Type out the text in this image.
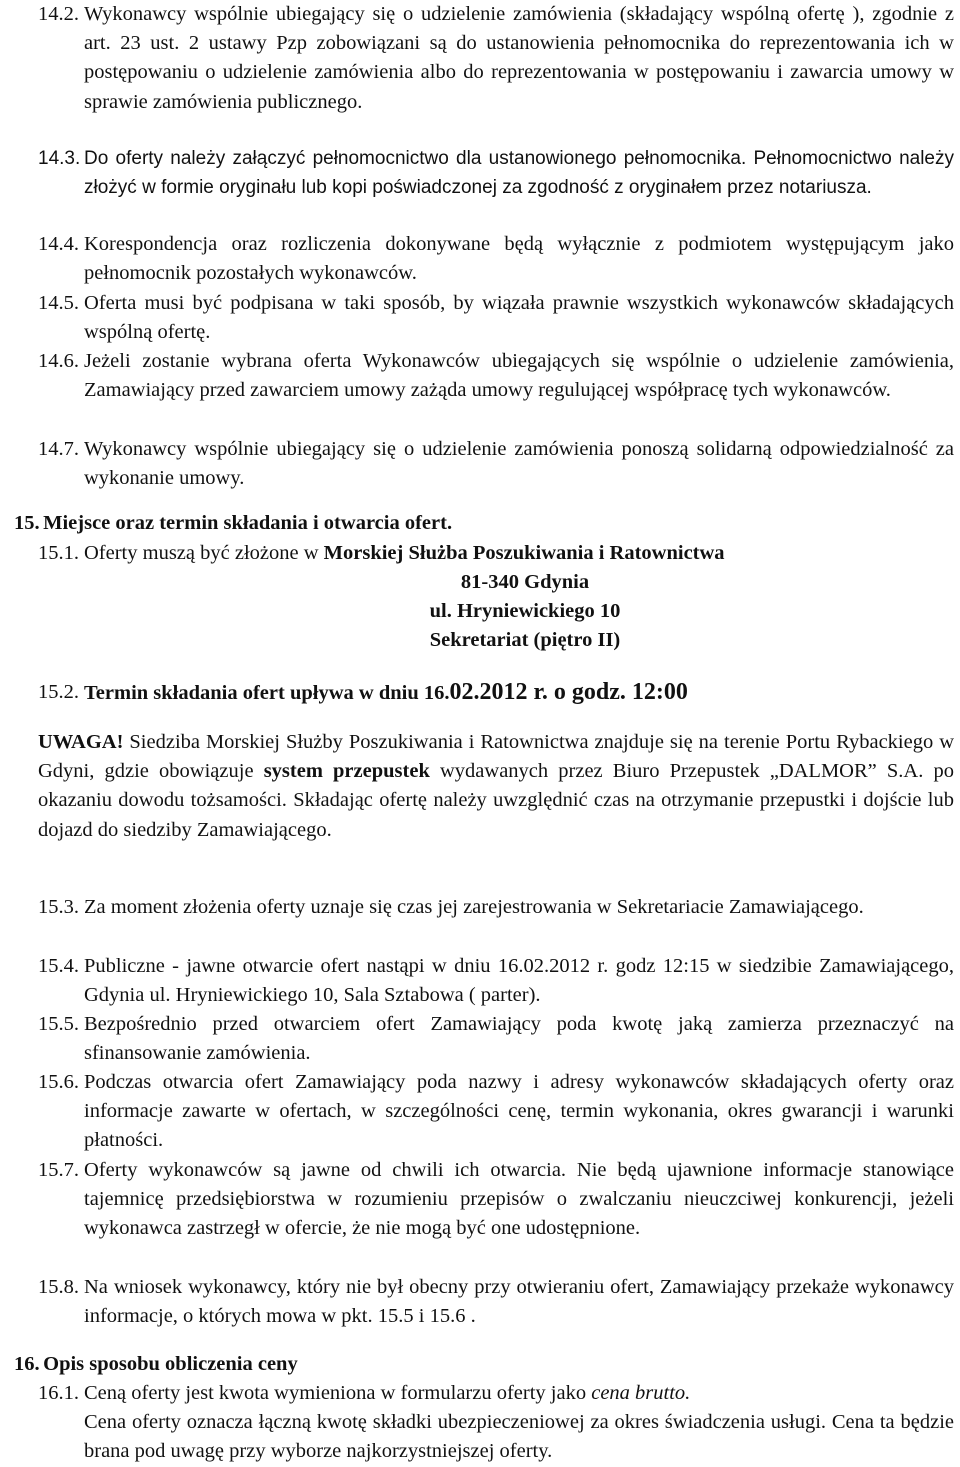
14.2. Wykonawcy wspólnie ubiegający się o udzielenie zamówienia (składający wspólną ofertę ), zgodnie z art. 23 ust. 2 ustawy Pzp zobowiązani są do ustanowienia pełnomocnika do reprezentowania ich w postępowaniu o udzielenie zamówienia albo do reprezentowania w postępowaniu i zawarcia umowy w sprawie zamówienia publicznego.
14.3. Do oferty należy załączyć pełnomocnictwo dla ustanowionego pełnomocnika. Pełnomocnictwo należy złożyć w formie oryginału lub kopi poświadczonej za zgodność z oryginałem przez notariusza.
14.4. Korespondencja oraz rozliczenia dokonywane będą wyłącznie z podmiotem występującym jako pełnomocnik pozostałych wykonawców.
14.5. Oferta musi być podpisana w taki sposób, by wiązała prawnie wszystkich wykonawców składających wspólną ofertę.
14.6. Jeżeli zostanie wybrana oferta Wykonawców ubiegających się wspólnie o udzielenie zamówienia, Zamawiający przed zawarciem umowy zażąda umowy regulującej współpracę tych wykonawców.
14.7. Wykonawcy wspólnie ubiegający się o udzielenie zamówienia ponoszą solidarną odpowiedzialność za wykonanie umowy.
15. Miejsce oraz termin składania i otwarcia ofert.
15.1. Oferty muszą być złożone w Morskiej Służba Poszukiwania i Ratownictwa
81-340 Gdynia
ul. Hryniewickiego 10
Sekretariat (piętro II)
15.2. Termin składania ofert upływa w dniu 16.02.2012 r. o godz. 12:00
UWAGA! Siedziba Morskiej Służby Poszukiwania i Ratownictwa znajduje się na terenie Portu Rybackiego w Gdyni, gdzie obowiązuje system przepustek wydawanych przez Biuro Przepustek „DALMOR” S.A. po okazaniu dowodu tożsamości. Składając ofertę należy uwzględnić czas na otrzymanie przepustki i dojście lub dojazd do siedziby Zamawiającego.
15.3. Za moment złożenia oferty uznaje się czas jej zarejestrowania w Sekretariacie Zamawiającego.
15.4. Publiczne - jawne otwarcie ofert nastąpi w dniu 16.02.2012 r. godz 12:15 w siedzibie Zamawiającego, Gdynia ul. Hryniewickiego 10, Sala Sztabowa ( parter).
15.5. Bezpośrednio przed otwarciem ofert Zamawiający poda kwotę jaką zamierza przeznaczyć na sfinansowanie zamówienia.
15.6. Podczas otwarcia ofert Zamawiający poda nazwy i adresy wykonawców składających oferty oraz informacje zawarte w ofertach, w szczególności cenę, termin wykonania, okres gwarancji i warunki płatności.
15.7. Oferty wykonawców są jawne od chwili ich otwarcia. Nie będą ujawnione informacje stanowiące tajemnicę przedsiębiorstwa w rozumieniu przepisów o zwalczaniu nieuczciwej konkurencji, jeżeli wykonawca zastrzegł w ofercie, że nie mogą być one udostępnione.
15.8. Na wniosek wykonawcy, który nie był obecny przy otwieraniu ofert, Zamawiający przekaże wykonawcy informacje, o których mowa w pkt. 15.5 i 15.6 .
16. Opis sposobu obliczenia ceny
16.1. Ceną oferty jest kwota wymieniona w formularzu oferty jako cena brutto.
Cena oferty oznacza łączną kwotę składki ubezpieczeniowej za okres świadczenia usługi. Cena ta będzie brana pod uwagę przy wyborze najkorzystniejszej oferty.
